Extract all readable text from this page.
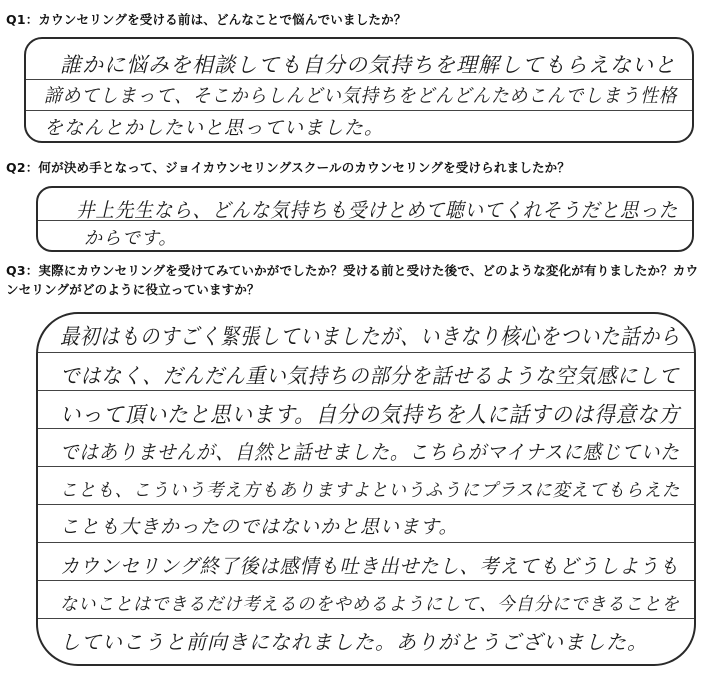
Q1：カウンセリングを受ける前は、どんなことで悩んでいましたか？
誰かに悩みを相談しても自分の気持ちを理解してもらえないと
諦めてしまって、そこからしんどい気持ちをどんどんためこんでしまう性格
をなんとかしたいと思っていました。
Q2：何が決め手となって、ジョイカウンセリングスクールのカウンセリングを受けられましたか？
井上先生なら、どんな気持ちも受けとめて聴いてくれそうだと思った
からです。
Q3：実際にカウンセリングを受けてみていかがでしたか？受ける前と受けた後で、どのような変化が有りましたか？カウンセリングがどのように役立っていますか？
最初はものすごく緊張していましたが、いきなり核心をついた話から
ではなく、だんだん重い気持ちの部分を話せるような空気感にして
いって頂いたと思います。自分の気持ちを人に話すのは得意な方
ではありませんが、自然と話せました。こちらがマイナスに感じていた
ことも、こういう考え方もありますよというふうにプラスに変えてもらえた
ことも大きかったのではないかと思います。
カウンセリング終了後は感情も吐き出せたし、考えてもどうしようも
ないことはできるだけ考えるのをやめるようにして、今自分にできることを
していこうと前向きになれました。ありがとうございました。
